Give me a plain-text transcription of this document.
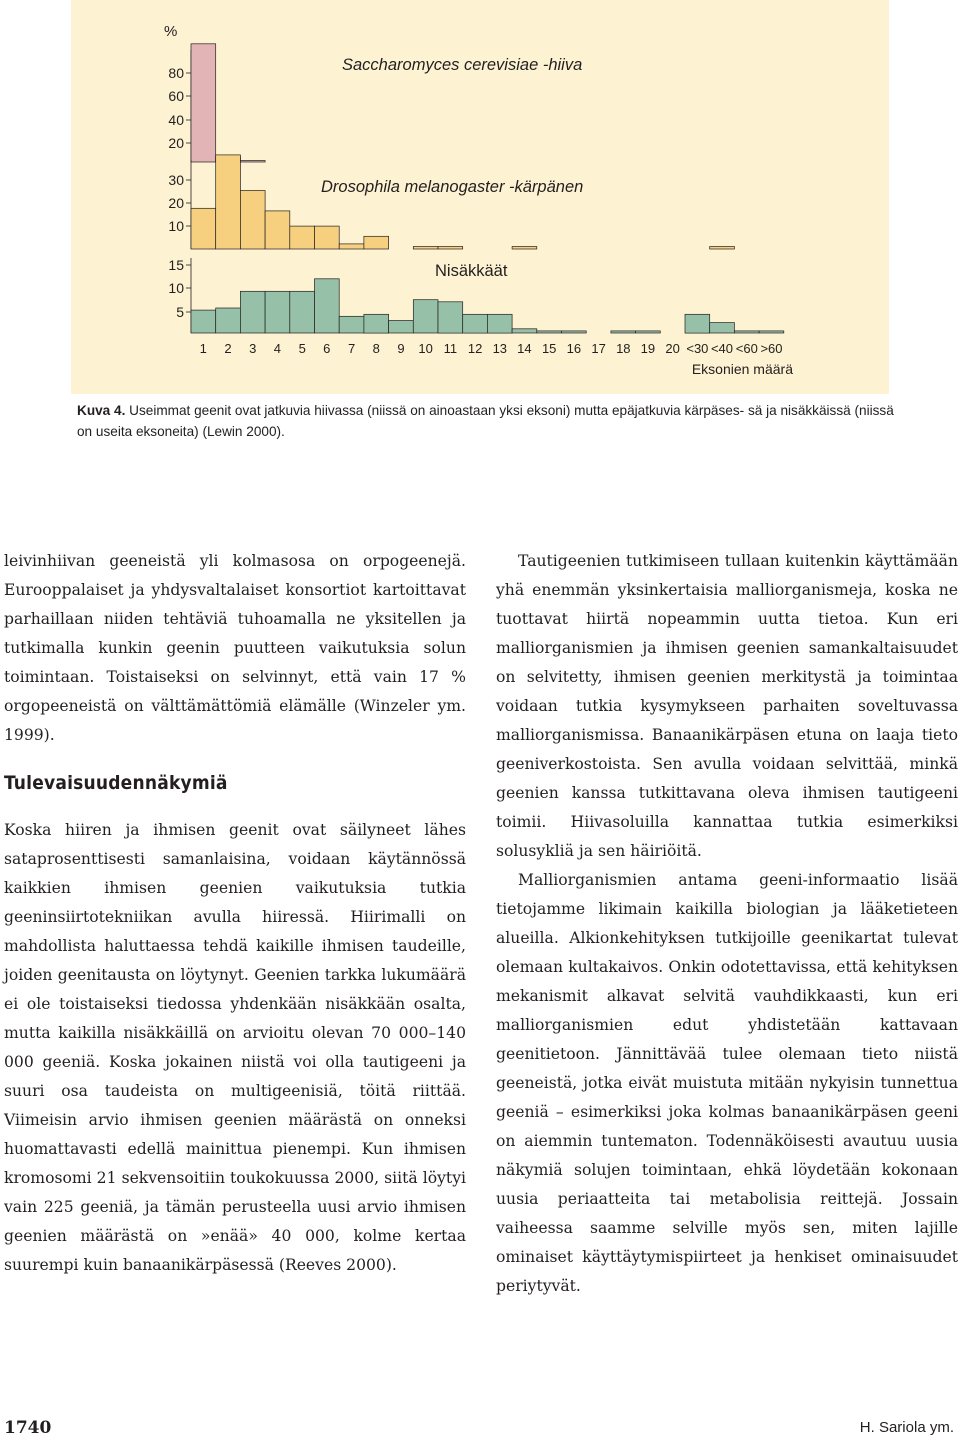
%
80
60
40
20
Saccharomyces cerevisiae -hiiva
30
20
10
Drosophila melanogaster -kärpänen
15
10
5
Nisäkkäät
1 2 3 4 5 6 7 8 9 10 11 12 13 14 15 16 17 18 19 20 <30 <40 <60 >60
Eksonien määrä
Kuva 4. Useimmat geenit ovat jatkuvia hiivassa (niissä on ainoastaan yksi eksoni) mutta epäjatkuvia kärpäses- sä ja nisäkkäissä (niissä on useita eksoneita) (Lewin 2000).

leivinhiivan geeneistä yli kolmasosa on orpogeenejä. Eurooppalaiset ja yhdysvaltalaiset konsortiot kartoittavat parhaillaan niiden tehtäviä tuhoamalla ne yksitellen ja tutkimalla kunkin geenin puutteen vaikutuksia solun toimintaan. Toistaiseksi on selvinnyt, että vain 17 % orgopeeneistä on välttämättömiä elämälle (Winzeler ym. 1999).

Tulevaisuudennäkymiä

Koska hiiren ja ihmisen geenit ovat säilyneet lähes sataprosenttisesti samanlaisina, voidaan käytännössä kaikkien ihmisen geenien vaikutuksia tutkia geeninsiirtotekniikan avulla hiiressä. Hiirimalli on mahdollista haluttaessa tehdä kaikille ihmisen taudeille, joiden geenitausta on löytynyt. Geenien tarkka lukumäärä ei ole toistaiseksi tiedossa yhdenkään nisäkkään osalta, mutta kaikilla nisäkkäillä on arvioitu olevan 70 000–140 000 geeniä. Koska jokainen niistä voi olla tautigeeni ja suuri osa taudeista on multigeenisiä, töitä riittää. Viimeisin arvio ihmisen geenien määrästä on onneksi huomattavasti edellä mainittua pienempi. Kun ihmisen kromosomi 21 sekvensoitiin toukokuussa 2000, siitä löytyi vain 225 geeniä, ja tämän perusteella uusi arvio ihmisen geenien määrästä on »enää» 40 000, kolme kertaa suurempi kuin banaanikärpäsessä (Reeves 2000).

Tautigeenien tutkimiseen tullaan kuitenkin käyttämään yhä enemmän yksinkertaisia malliorganismeja, koska ne tuottavat hiirtä nopeammin uutta tietoa. Kun eri malliorganismien ja ihmisen geenien samankaltaisuudet on selvitetty, ihmisen geenien merkitystä ja toimintaa voidaan tutkia kysymykseen parhaiten soveltuvassa malliorganismissa. Banaanikärpäsen etuna on laaja tieto geeniverkostoista. Sen avulla voidaan selvittää, minkä geenien kanssa tutkittavana oleva ihmisen tautigeeni toimii. Hiivasoluilla kannattaa tutkia esimerkiksi solusykliä ja sen häiriöitä.

Malliorganismien antama geeni-informaatio lisää tietojamme likimain kaikilla biologian ja lääketieteen alueilla. Alkionkehityksen tutkijoille geenikartat tulevat olemaan kultakaivos. Onkin odotettavissa, että kehityksen mekanismit alkavat selvitä vauhdikkaasti, kun eri malliorganismien edut yhdistetään kattavaan geenitietoon. Jännittävää tulee olemaan tieto niistä geeneistä, jotka eivät muistuta mitään nykyisin tunnettua geeniä – esimerkiksi joka kolmas banaanikärpäsen geeni on aiemmin tuntematon. Todennäköisesti avautuu uusia näkymiä solujen toimintaan, ehkä löydetään kokonaan uusia periaatteita tai metabolisia reittejä. Jossain vaiheessa saamme selville myös sen, miten lajille ominaiset käyttäytymispiirteet ja henkiset ominaisuudet periytyvät.

1740	H. Sariola ym.
